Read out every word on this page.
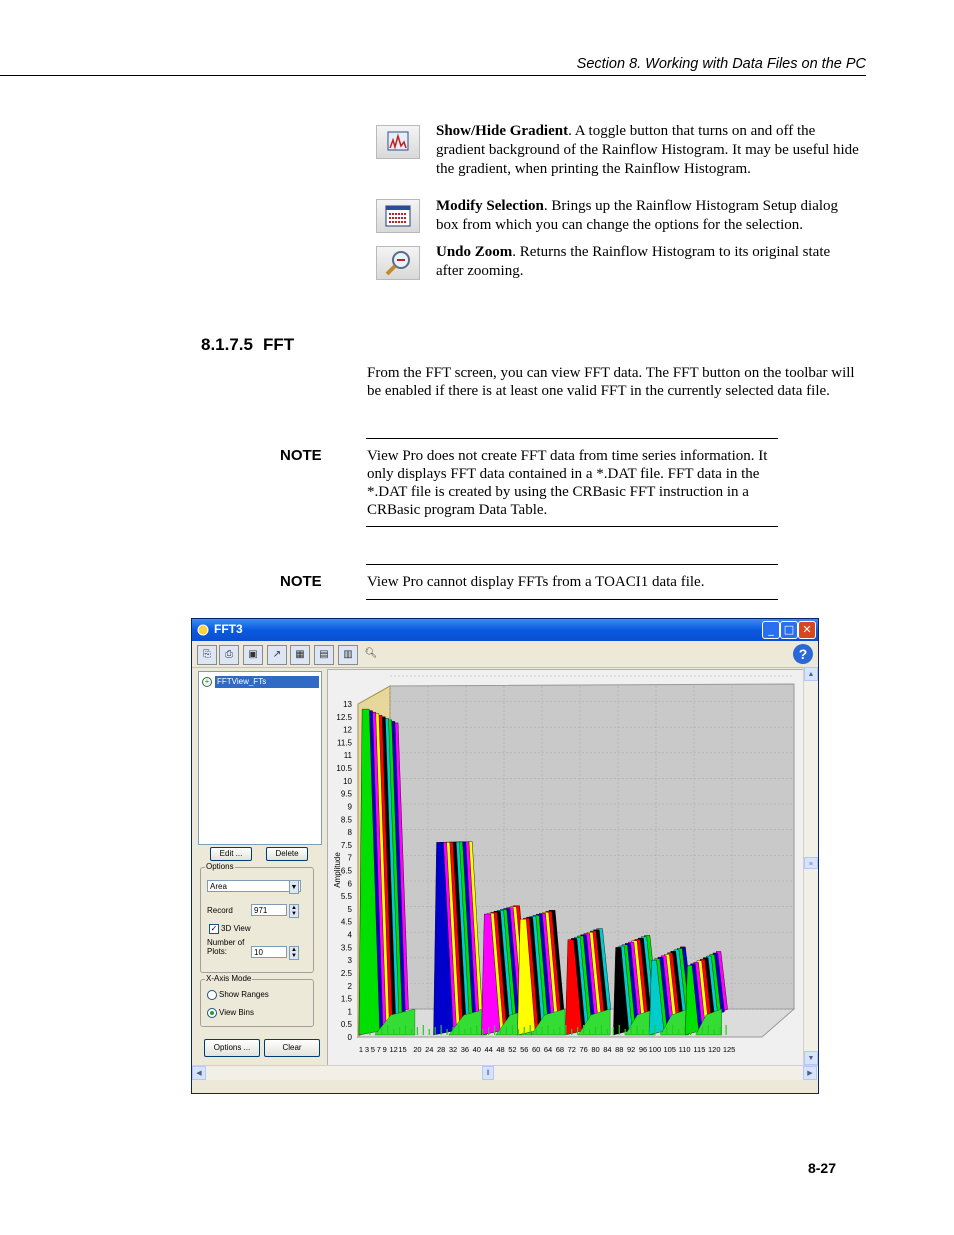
Section 8. Working with Data Files on the PC
Show/Hide Gradient. A toggle button that turns on and off the gradient background of the Rainflow Histogram. It may be useful hide the gradient, when printing the Rainflow Histogram.
Modify Selection. Brings up the Rainflow Histogram Setup dialog box from which you can change the options for the selection.
Undo Zoom. Returns the Rainflow Histogram to its original state after zooming.
8.1.7.5 FFT
From the FFT screen, you can view FFT data. The FFT button on the toolbar will be enabled if there is at least one valid FFT in the currently selected data file.
NOTE	View Pro does not create FFT data from time series information. It only displays FFT data contained in a *.DAT file. FFT data in the *.DAT file is created by using the CRBasic FFT instruction in a CRBasic program Data Table.
NOTE	View Pro cannot display FFTs from a TOACI1 data file.
FFT3	_ □ ✕
⎘	⎙	▣	↗	▦	▤	▥	🔍︎	?
+ FFTView_FTs
Edit ...	Delete
Options
Area	▼
Record	971	▲
▼
✓ 3D View
Number of Plots:	10	▲
▼
X-Axis Mode
Show Ranges
View Bins
Options ...	Clear
0
0.5
1
1.5
2
2.5
3
3.5
4
4.5
5
5.5
6
6.5
7
7.5
8
8.5
9
9.5
10
10.5
11
11.5
12
12.5
13
Amplitude
1 3 5 7 9 12 15 20 24 28 32 36 40 44 48 52 56 60 64 68 72 76 80 84 88 92 96 100 105 110 115 120 125
▲
≡
▼
◀	⦀	▶
8-27
